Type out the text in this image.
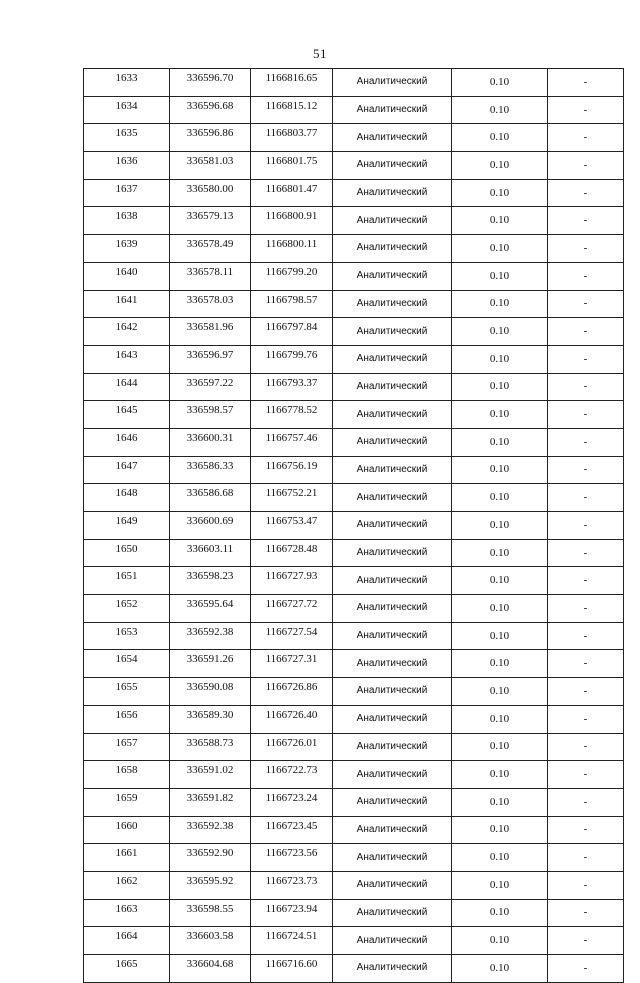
51
1633	336596.70	1166816.65	Аналитический	0.10	-
1634	336596.68	1166815.12	Аналитический	0.10	-
1635	336596.86	1166803.77	Аналитический	0.10	-
1636	336581.03	1166801.75	Аналитический	0.10	-
1637	336580.00	1166801.47	Аналитический	0.10	-
1638	336579.13	1166800.91	Аналитический	0.10	-
1639	336578.49	1166800.11	Аналитический	0.10	-
1640	336578.11	1166799.20	Аналитический	0.10	-
1641	336578.03	1166798.57	Аналитический	0.10	-
1642	336581.96	1166797.84	Аналитический	0.10	-
1643	336596.97	1166799.76	Аналитический	0.10	-
1644	336597.22	1166793.37	Аналитический	0.10	-
1645	336598.57	1166778.52	Аналитический	0.10	-
1646	336600.31	1166757.46	Аналитический	0.10	-
1647	336586.33	1166756.19	Аналитический	0.10	-
1648	336586.68	1166752.21	Аналитический	0.10	-
1649	336600.69	1166753.47	Аналитический	0.10	-
1650	336603.11	1166728.48	Аналитический	0.10	-
1651	336598.23	1166727.93	Аналитический	0.10	-
1652	336595.64	1166727.72	Аналитический	0.10	-
1653	336592.38	1166727.54	Аналитический	0.10	-
1654	336591.26	1166727.31	Аналитический	0.10	-
1655	336590.08	1166726.86	Аналитический	0.10	-
1656	336589.30	1166726.40	Аналитический	0.10	-
1657	336588.73	1166726.01	Аналитический	0.10	-
1658	336591.02	1166722.73	Аналитический	0.10	-
1659	336591.82	1166723.24	Аналитический	0.10	-
1660	336592.38	1166723.45	Аналитический	0.10	-
1661	336592.90	1166723.56	Аналитический	0.10	-
1662	336595.92	1166723.73	Аналитический	0.10	-
1663	336598.55	1166723.94	Аналитический	0.10	-
1664	336603.58	1166724.51	Аналитический	0.10	-
1665	336604.68	1166716.60	Аналитический	0.10	-
